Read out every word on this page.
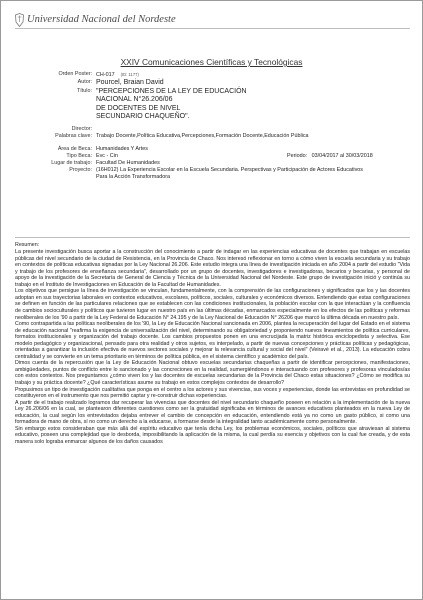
Universidad Nacional del Nordeste
XXIV Comunicaciones Científicas y Tecnológicas
Orden Poster: CH-017 (ID: 1177)
Autor: Pourcel, Braian David
Título: "PERCEPCIONES DE LA LEY DE EDUCACIÓN
NACIONAL N°26.206/06
DE DOCENTES DE NIVEL
SECUNDARIO CHAQUEÑO".
Director:
Palabras clave: Trabajo Docente,Política Educativa,Percepciones,Formación Docente,Educación Pública
Área de Beca: Humanidades Y Artes
Tipo Beca: Evc - Cin	Periodo: 03/04/2017 al 30/03/2018
Lugar de trabajo: Facultad De Humanidades
Proyecto: (16H012) La Experiencia Escolar en la Escuela Secundaria. Perspectivas y Participación de Actores Educativos
Para la Acción Transformadora
Resumen:

La presente investigación busca aportar a la construcción del conocimiento a partir de indagar en las experiencias educativas de docentes que trabajan en escuelas públicas del nivel secundario de la ciudad de Resistencia, en la Provincia de Chaco. Nos interesó reflexionar en torno a cómo viven la escuela secundaria y su trabajo en contextos de políticas educativas signadas por la Ley Nacional 26.206. Este estudio integra una línea de investigación iniciada en año 2004 a partir del estudio "Vida y trabajo de los profesores de enseñanza secundaria", desarrollado por un grupo de docentes, investigadores e investigadoras, becarios y becarias, y personal de apoyo de la investigación de la Secretaría de General de Ciencia y Técnica de la Universidad Nacional del Nordeste. Este grupo de investigación inició y continúa su trabajo en el Instituto de Investigaciones en Educación de la Facultad de Humanidades.

Los objetivos que persigue la línea de investigación se vinculan, fundamentalmente, con la comprensión de las configuraciones y significados que los y las docentes adoptan en sus trayectorias laborales en contextos educativos, escolares, políticos, sociales, culturales y económicos diversos. Entendiendo que estas configuraciones se definen en función de las particulares relaciones que se establecen con las condiciones institucionales, la población escolar con la que interactúan y la confluencia de cambios socioculturales y políticos que tuvieron lugar en nuestro país en las últimas décadas, enmarcados especialmente en los efectos de las políticas y reformas neoliberales de los '90 a partir de la Ley Federal de Educación N° 24.195 y de la Ley Nacional de Educación N° 26206 que marcó la última década en nuestro país.

Como contrapartida a las políticas neoliberales de los '90, la Ley de Educación Nacional sancionada en 2006, plantea la recuperación del lugar del Estado en el sistema de educación nacional "reafirma la exigencia de universalización del nivel, determinando su obligatoriedad y proponiendo nuevos lineamientos de política curriculares, formatos institucionales y organización del trabajo docente. Los cambios propuestos ponen en una encrucijada la matriz histórica enciclopedista y selectiva. Ese modelo pedagógico y organizacional, pensado para otra realidad y otros sujetos, es interpelado, a partir de nuevas concepciones y prácticas políticas y pedagógicas, orientadas a garantizar la inclusión efectiva de nuevos sectores sociales y mejorar la relevancia cultural y social del nivel" (Veiravé et al., 2013). La educación cobra centralidad y se convierte en un tema prioritario en términos de política pública, en el sistema científico y académico del país.

Dimos cuenta de la repercusión que la Ley de Educación Nacional obtuvo escuelas secundarias chaqueñas a partir de identificar percepciones, manifestaciones, ambigüedades, puntos de conflicto entre lo sancionado y las concreciones en la realidad, sumergiéndonos e interactuando con profesores y profesoras vinculados/as con estos contextos. Nos preguntamos ¿cómo viven los y las docentes de escuelas secundarias de la Provincia del Chaco estas situaciones? ¿Cómo se modifica su trabajo y su práctica docente? ¿Qué características asume su trabajo en estos complejos contextos de desarrollo?

Propusimos un tipo de investigación cualitativa que ponga en el centro a los actores y sus vivencias, sus voces y experiencias, donde las entrevistas en profundidad se constituyeron en el instrumento que nos permitió captar y re-construir dichas experiencias.

A partir de el trabajo realizado logramos dar recuperar las vivencias que docentes del nivel secundario chaqueño poseen en relación a la implementación de la nueva Ley 26.206/06 en la cual, se plantearon diferentes cuestiones como ser la gratuidad significaba en términos de avances educativos planteados en la nueva Ley de educación, la cual según los entrevistados dejaba entrever el cambio de concepción en educación, entendiendo está ya no como un gasto público, si como una formadora de mano de obra, sí no como un derecho a la educarse, a formarse desde la integralidad tanto académicamente como personalmente.

Sin embargo estos consideraban que más allá del espíritu educativo que tenía dicha Ley, los problemas económicos, sociales, políticos que atraviesan al sistema educativo, poseen una complejidad que lo desborda, imposibilitando la aplicación de la misma, la cual perdía su esencia y objetivos con la cual fue creada, y de esta manera solo lograba enmarcar algunos de los daños causados
